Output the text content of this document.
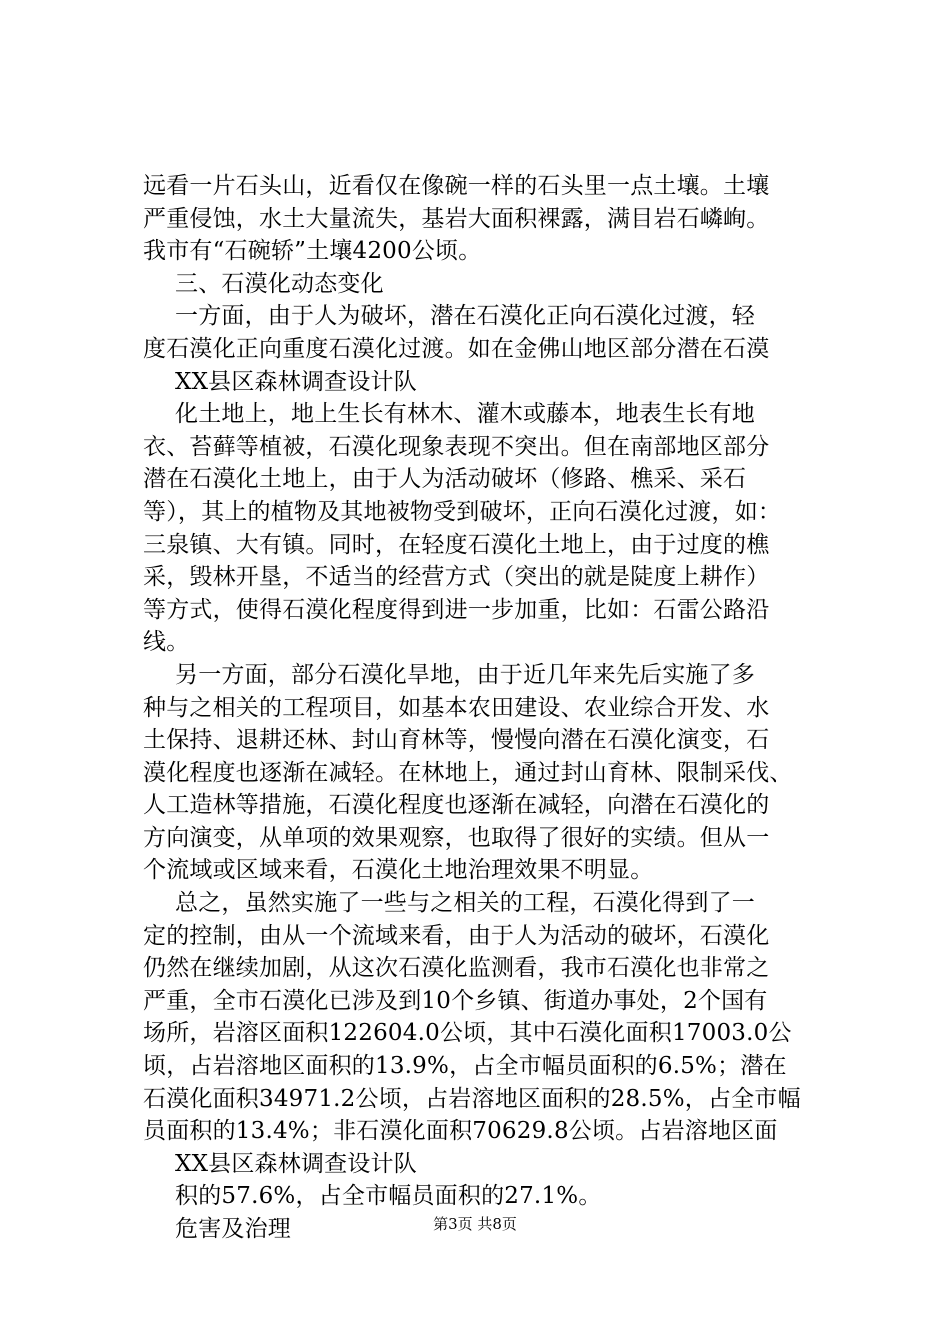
远看一片石头山，近看仅在像碗一样的石头里一点土壤。土壤
严重侵蚀，水土大量流失，基岩大面积裸露，满目岩石嶙峋。
我市有“石碗轿”土壤4200公顷。
三、石漠化动态变化
一方面，由于人为破坏，潜在石漠化正向石漠化过渡，轻
度石漠化正向重度石漠化过渡。如在金佛山地区部分潜在石漠
XX县区森林调查设计队
化土地上，地上生长有林木、灌木或藤本，地表生长有地
衣、苔藓等植被，石漠化现象表现不突出。但在南部地区部分
潜在石漠化土地上，由于人为活动破坏（修路、樵采、采石
等），其上的植物及其地被物受到破坏，正向石漠化过渡，如：
三泉镇、大有镇。同时，在轻度石漠化土地上，由于过度的樵
采，毁林开垦，不适当的经营方式（突出的就是陡度上耕作）
等方式，使得石漠化程度得到进一步加重，比如：石雷公路沿
线。
另一方面，部分石漠化旱地，由于近几年来先后实施了多
种与之相关的工程项目，如基本农田建设、农业综合开发、水
土保持、退耕还林、封山育林等，慢慢向潜在石漠化演变，石
漠化程度也逐渐在减轻。在林地上，通过封山育林、限制采伐、
人工造林等措施，石漠化程度也逐渐在减轻，向潜在石漠化的
方向演变，从单项的效果观察，也取得了很好的实绩。但从一
个流域或区域来看，石漠化土地治理效果不明显。
总之，虽然实施了一些与之相关的工程，石漠化得到了一
定的控制，由从一个流域来看，由于人为活动的破坏，石漠化
仍然在继续加剧，从这次石漠化监测看，我市石漠化也非常之
严重，全市石漠化已涉及到10个乡镇、街道办事处，2个国有
场所，岩溶区面积122604.0公顷，其中石漠化面积17003.0公
顷，占岩溶地区面积的13.9%，占全市幅员面积的6.5%；潜在
石漠化面积34971.2公顷，占岩溶地区面积的28.5%，占全市幅
员面积的13.4%；非石漠化面积70629.8公顷。占岩溶地区面
XX县区森林调查设计队
积的57.6%，占全市幅员面积的27.1%。
危害及治理	第3页 共8页
